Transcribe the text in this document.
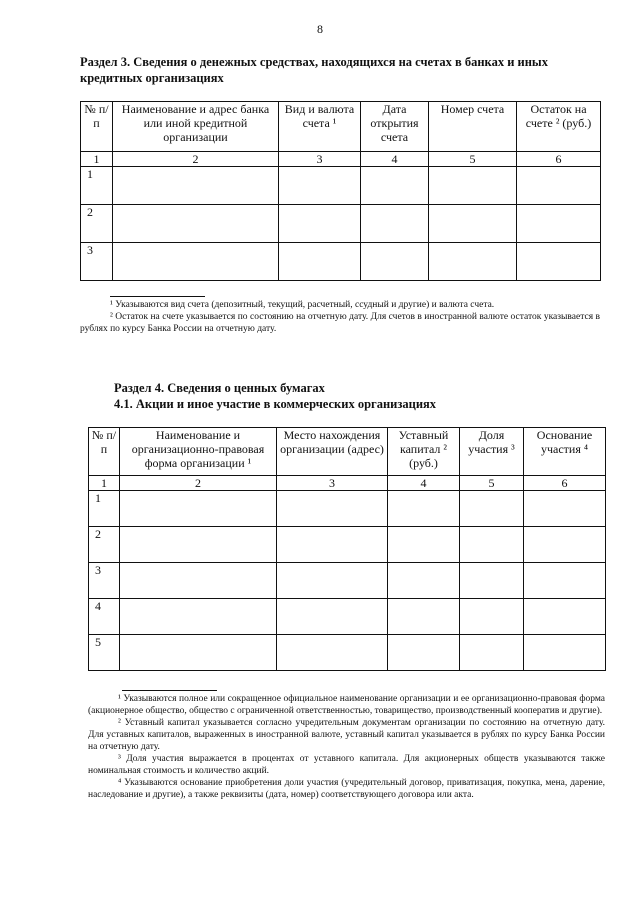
8
Раздел 3. Сведения о денежных средствах, находящихся на счетах в банках и иных кредитных организациях
№ п/п	Наименование и адрес банка или иной кредитной организации	Вид и валюта счета ¹	Дата открытия счета	Номер счета	Остаток на счете ² (руб.)
1	2	3	4	5	6
1					
2					
3					
¹ Указываются вид счета (депозитный, текущий, расчетный, ссудный и другие) и валюта счета.
² Остаток на счете указывается по состоянию на отчетную дату. Для счетов в иностранной валюте остаток указывается в рублях по курсу Банка России на отчетную дату.
Раздел 4. Сведения о ценных бумагах
4.1. Акции и иное участие в коммерческих организациях
№ п/п	Наименование и организационно-правовая форма организации ¹	Место нахождения организации (адрес)	Уставный капитал ² (руб.)	Доля участия ³	Основание участия ⁴
1	2	3	4	5	6
1					
2					
3					
4					
5					
¹ Указываются полное или сокращенное официальное наименование организации и ее организационно-правовая форма (акционерное общество, общество с ограниченной ответственностью, товарищество, производственный кооператив и другие).
² Уставный капитал указывается согласно учредительным документам организации по состоянию на отчетную дату. Для уставных капиталов, выраженных в иностранной валюте, уставный капитал указывается в рублях по курсу Банка России на отчетную дату.
³ Доля участия выражается в процентах от уставного капитала. Для акционерных обществ указываются также номинальная стоимость и количество акций.
⁴ Указываются основание приобретения доли участия (учредительный договор, приватизация, покупка, мена, дарение, наследование и другие), а также реквизиты (дата, номер) соответствующего договора или акта.
